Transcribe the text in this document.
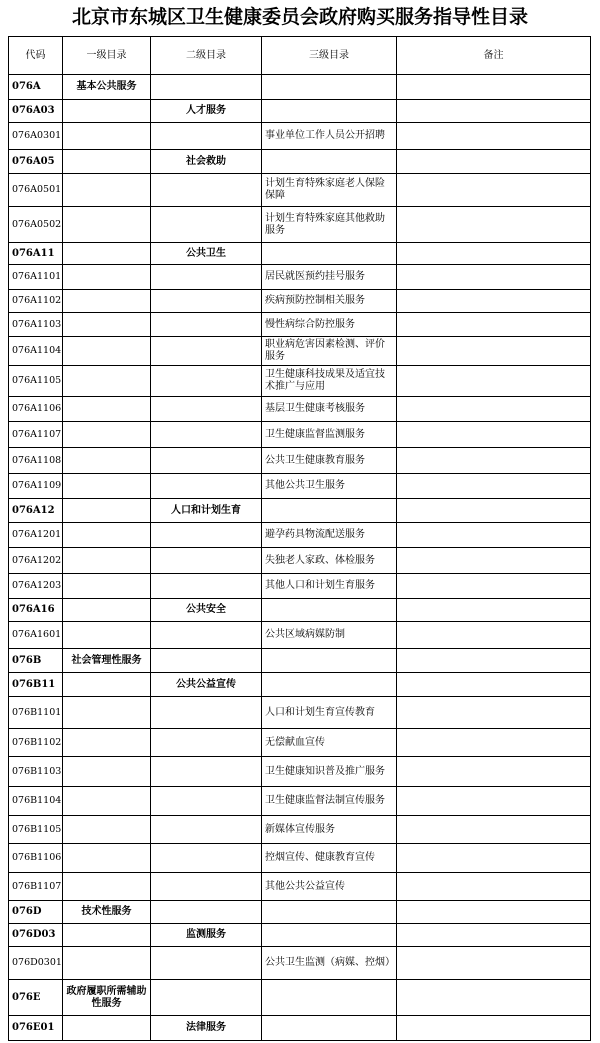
北京市东城区卫生健康委员会政府购买服务指导性目录
代码	一级目录	二级目录	三级目录	备注
076A	基本公共服务			
076A03		人才服务		
076A0301			事业单位工作人员公开招聘	
076A05		社会救助		
076A0501			计划生育特殊家庭老人保险保障	
076A0502			计划生育特殊家庭其他救助服务	
076A11		公共卫生		
076A1101			居民就医预约挂号服务	
076A1102			疾病预防控制相关服务	
076A1103			慢性病综合防控服务	
076A1104			职业病危害因素检测、评价服务	
076A1105			卫生健康科技成果及适宜技术推广与应用	
076A1106			基层卫生健康考核服务	
076A1107			卫生健康监督监测服务	
076A1108			公共卫生健康教育服务	
076A1109			其他公共卫生服务	
076A12		人口和计划生育		
076A1201			避孕药具物流配送服务	
076A1202			失独老人家政、体检服务	
076A1203			其他人口和计划生育服务	
076A16		公共安全		
076A1601			公共区域病媒防制	
076B	社会管理性服务			
076B11		公共公益宣传		
076B1101			人口和计划生育宣传教育	
076B1102			无偿献血宣传	
076B1103			卫生健康知识普及推广服务	
076B1104			卫生健康监督法制宣传服务	
076B1105			新媒体宣传服务	
076B1106			控烟宣传、健康教育宣传	
076B1107			其他公共公益宣传	
076D	技术性服务			
076D03		监测服务		
076D0301			公共卫生监测（病媒、控烟）	
076E	政府履职所需辅助性服务			
076E01		法律服务		
